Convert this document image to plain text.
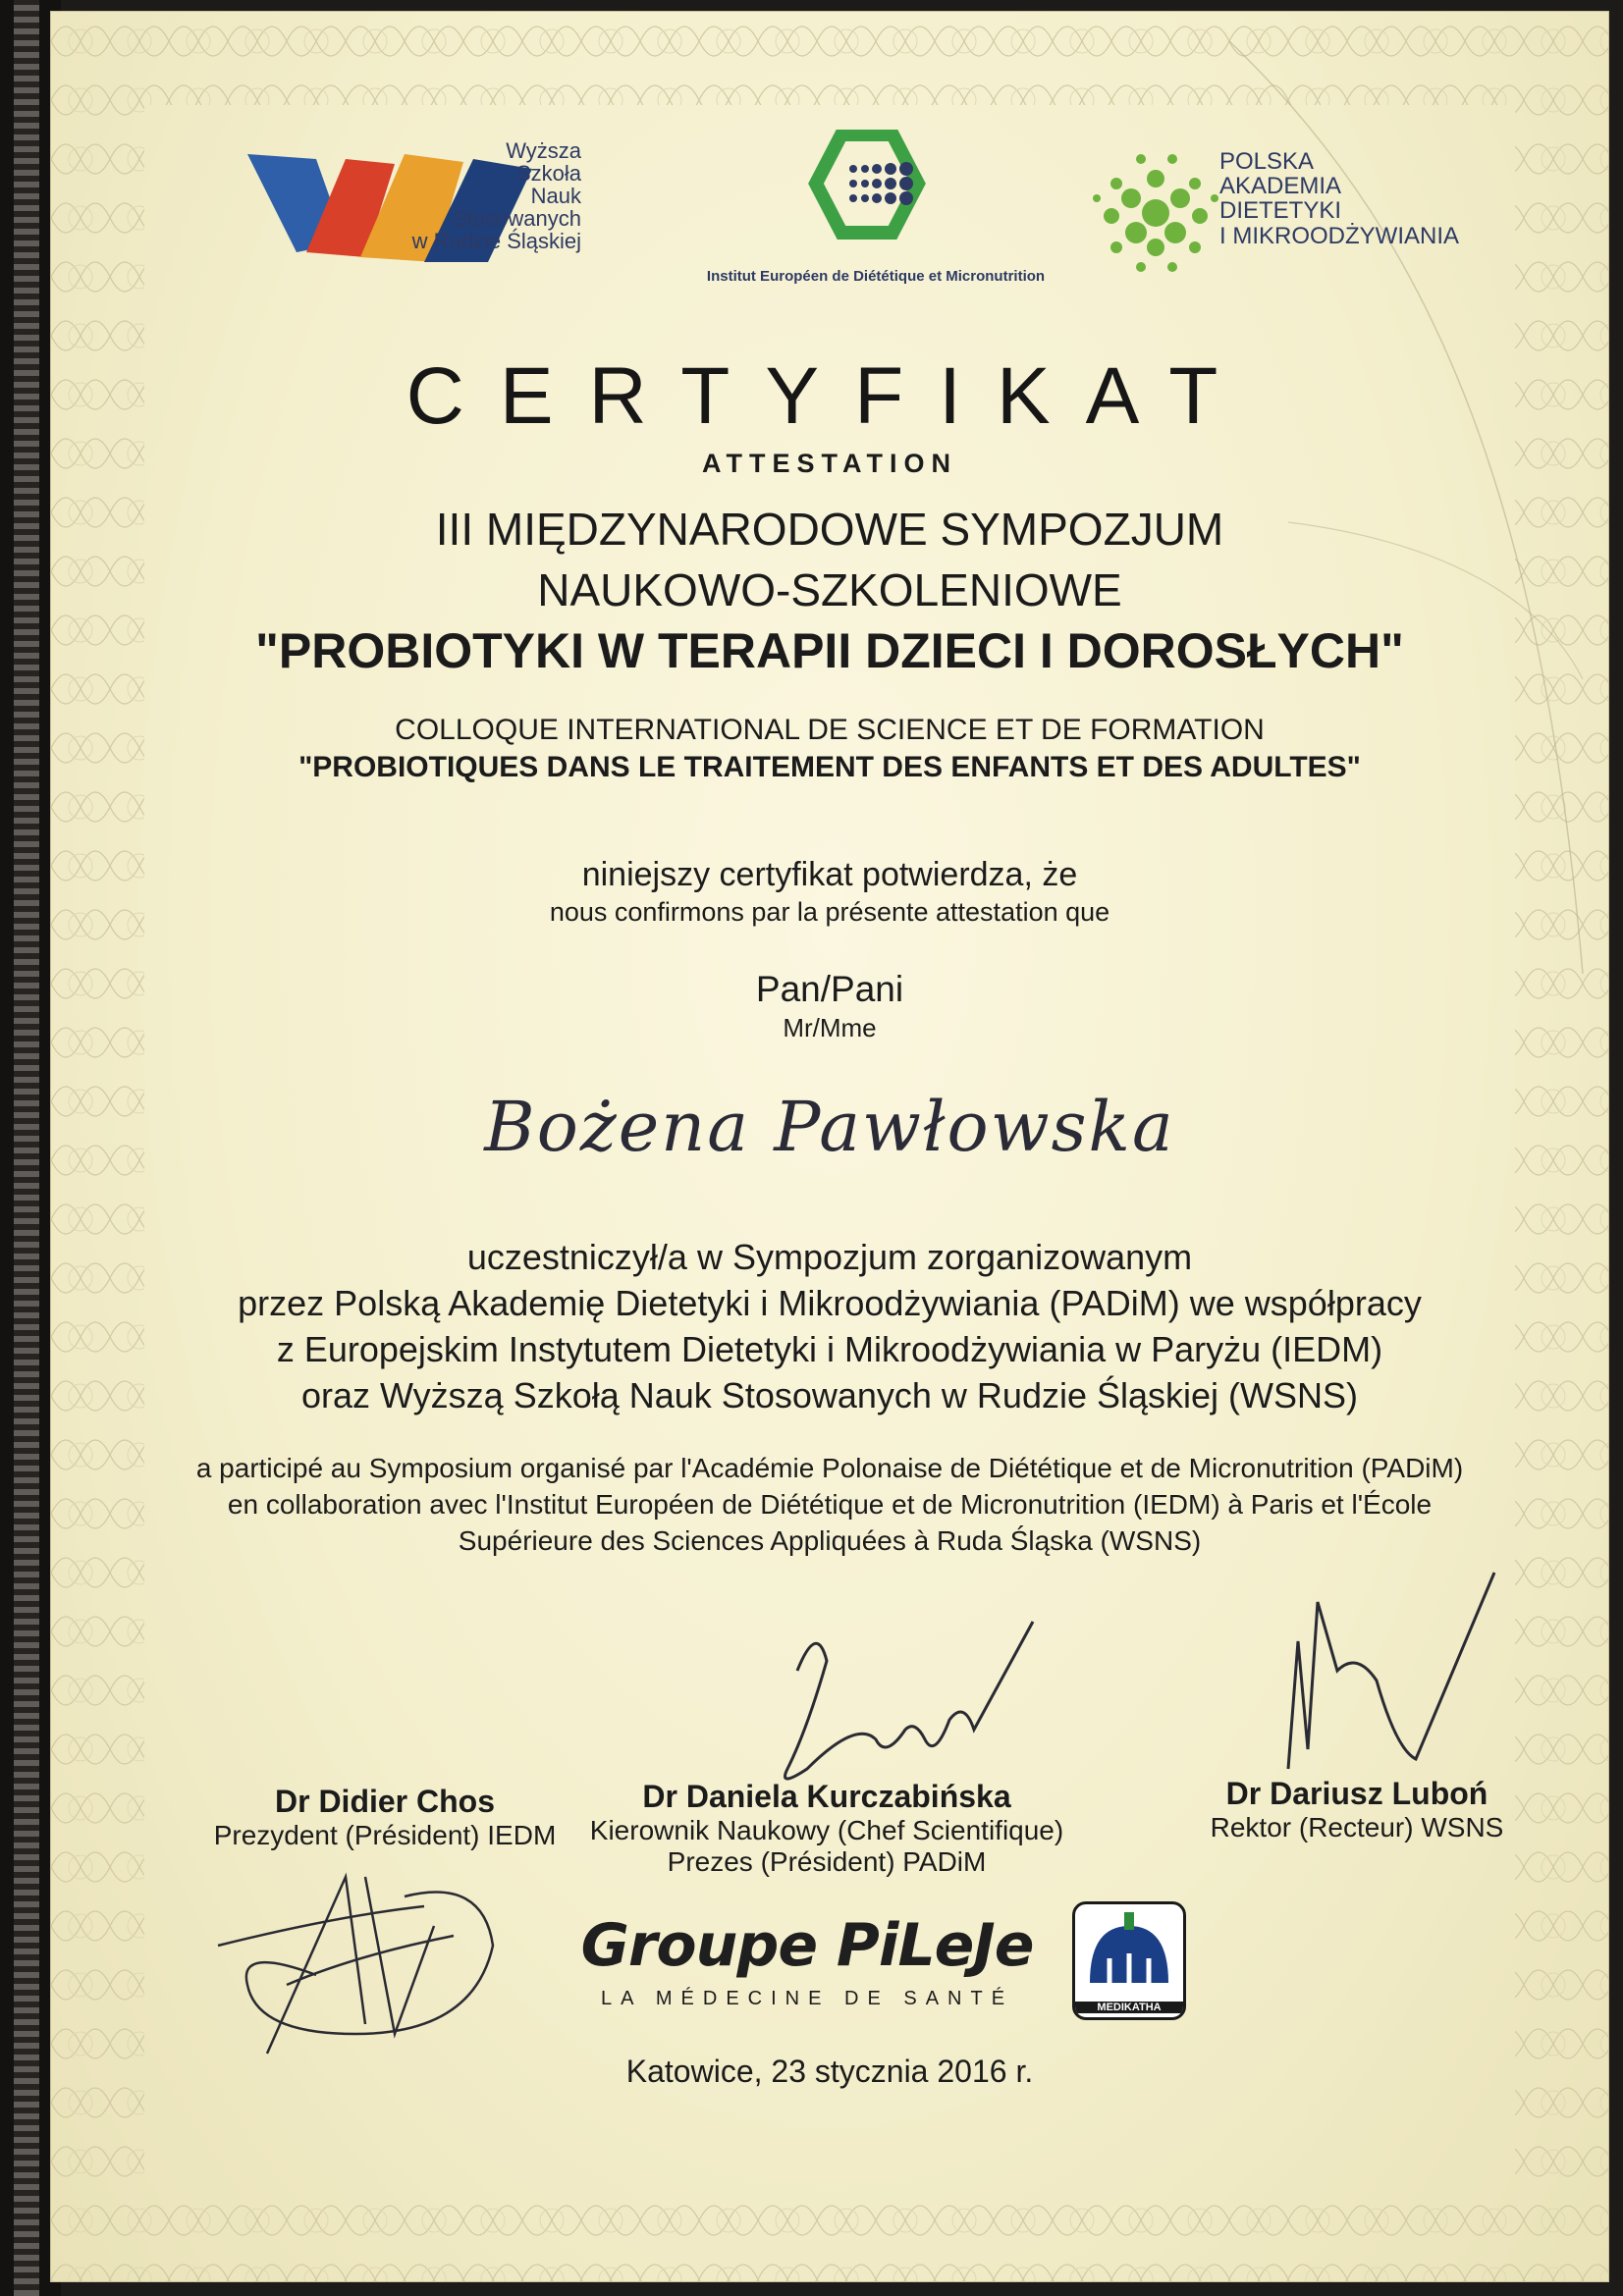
Wyższa
Szkoła
Nauk
Stosowanych
w Rudzie Śląskiej
Institut Européen de Diététique et Micronutrition
POLSKA
AKADEMIA
DIETETYKI
I MIKROODŻYWIANIA
CERTYFIKAT
ATTESTATION
III MIĘDZYNARODOWE SYMPOZJUM
NAUKOWO-SZKOLENIOWE
"PROBIOTYKI W TERAPII DZIECI I DOROSŁYCH"
COLLOQUE INTERNATIONAL DE SCIENCE ET DE FORMATION
"PROBIOTIQUES DANS LE TRAITEMENT DES ENFANTS ET DES ADULTES"
niniejszy certyfikat potwierdza, że
nous confirmons par la présente attestation que
Pan/Pani
Mr/Mme
Bożena Pawłowska
uczestniczył/a w Sympozjum zorganizowanym
przez Polską Akademię Dietetyki i Mikroodżywiania (PADiM) we współpracy
z Europejskim Instytutem Dietetyki i Mikroodżywiania w Paryżu (IEDM)
oraz Wyższą Szkołą Nauk Stosowanych w Rudzie Śląskiej (WSNS)
a participé au Symposium organisé par l'Académie Polonaise de Diététique et de Micronutrition (PADiM)
en collaboration avec l'Institut Européen de Diététique et de Micronutrition (IEDM) à Paris et l'École
Supérieure des Sciences Appliquées à Ruda Śląska (WSNS)
Dr Didier Chos
Prezydent (Président) IEDM
Dr Daniela Kurczabińska
Kierownik Naukowy (Chef Scientifique)
Prezes (Président) PADiM
Dr Dariusz Luboń
Rektor (Recteur) WSNS
Groupe PiLeJe
LA MÉDECINE DE SANTÉ	MEDIKATHA
Katowice, 23 stycznia 2016 r.
